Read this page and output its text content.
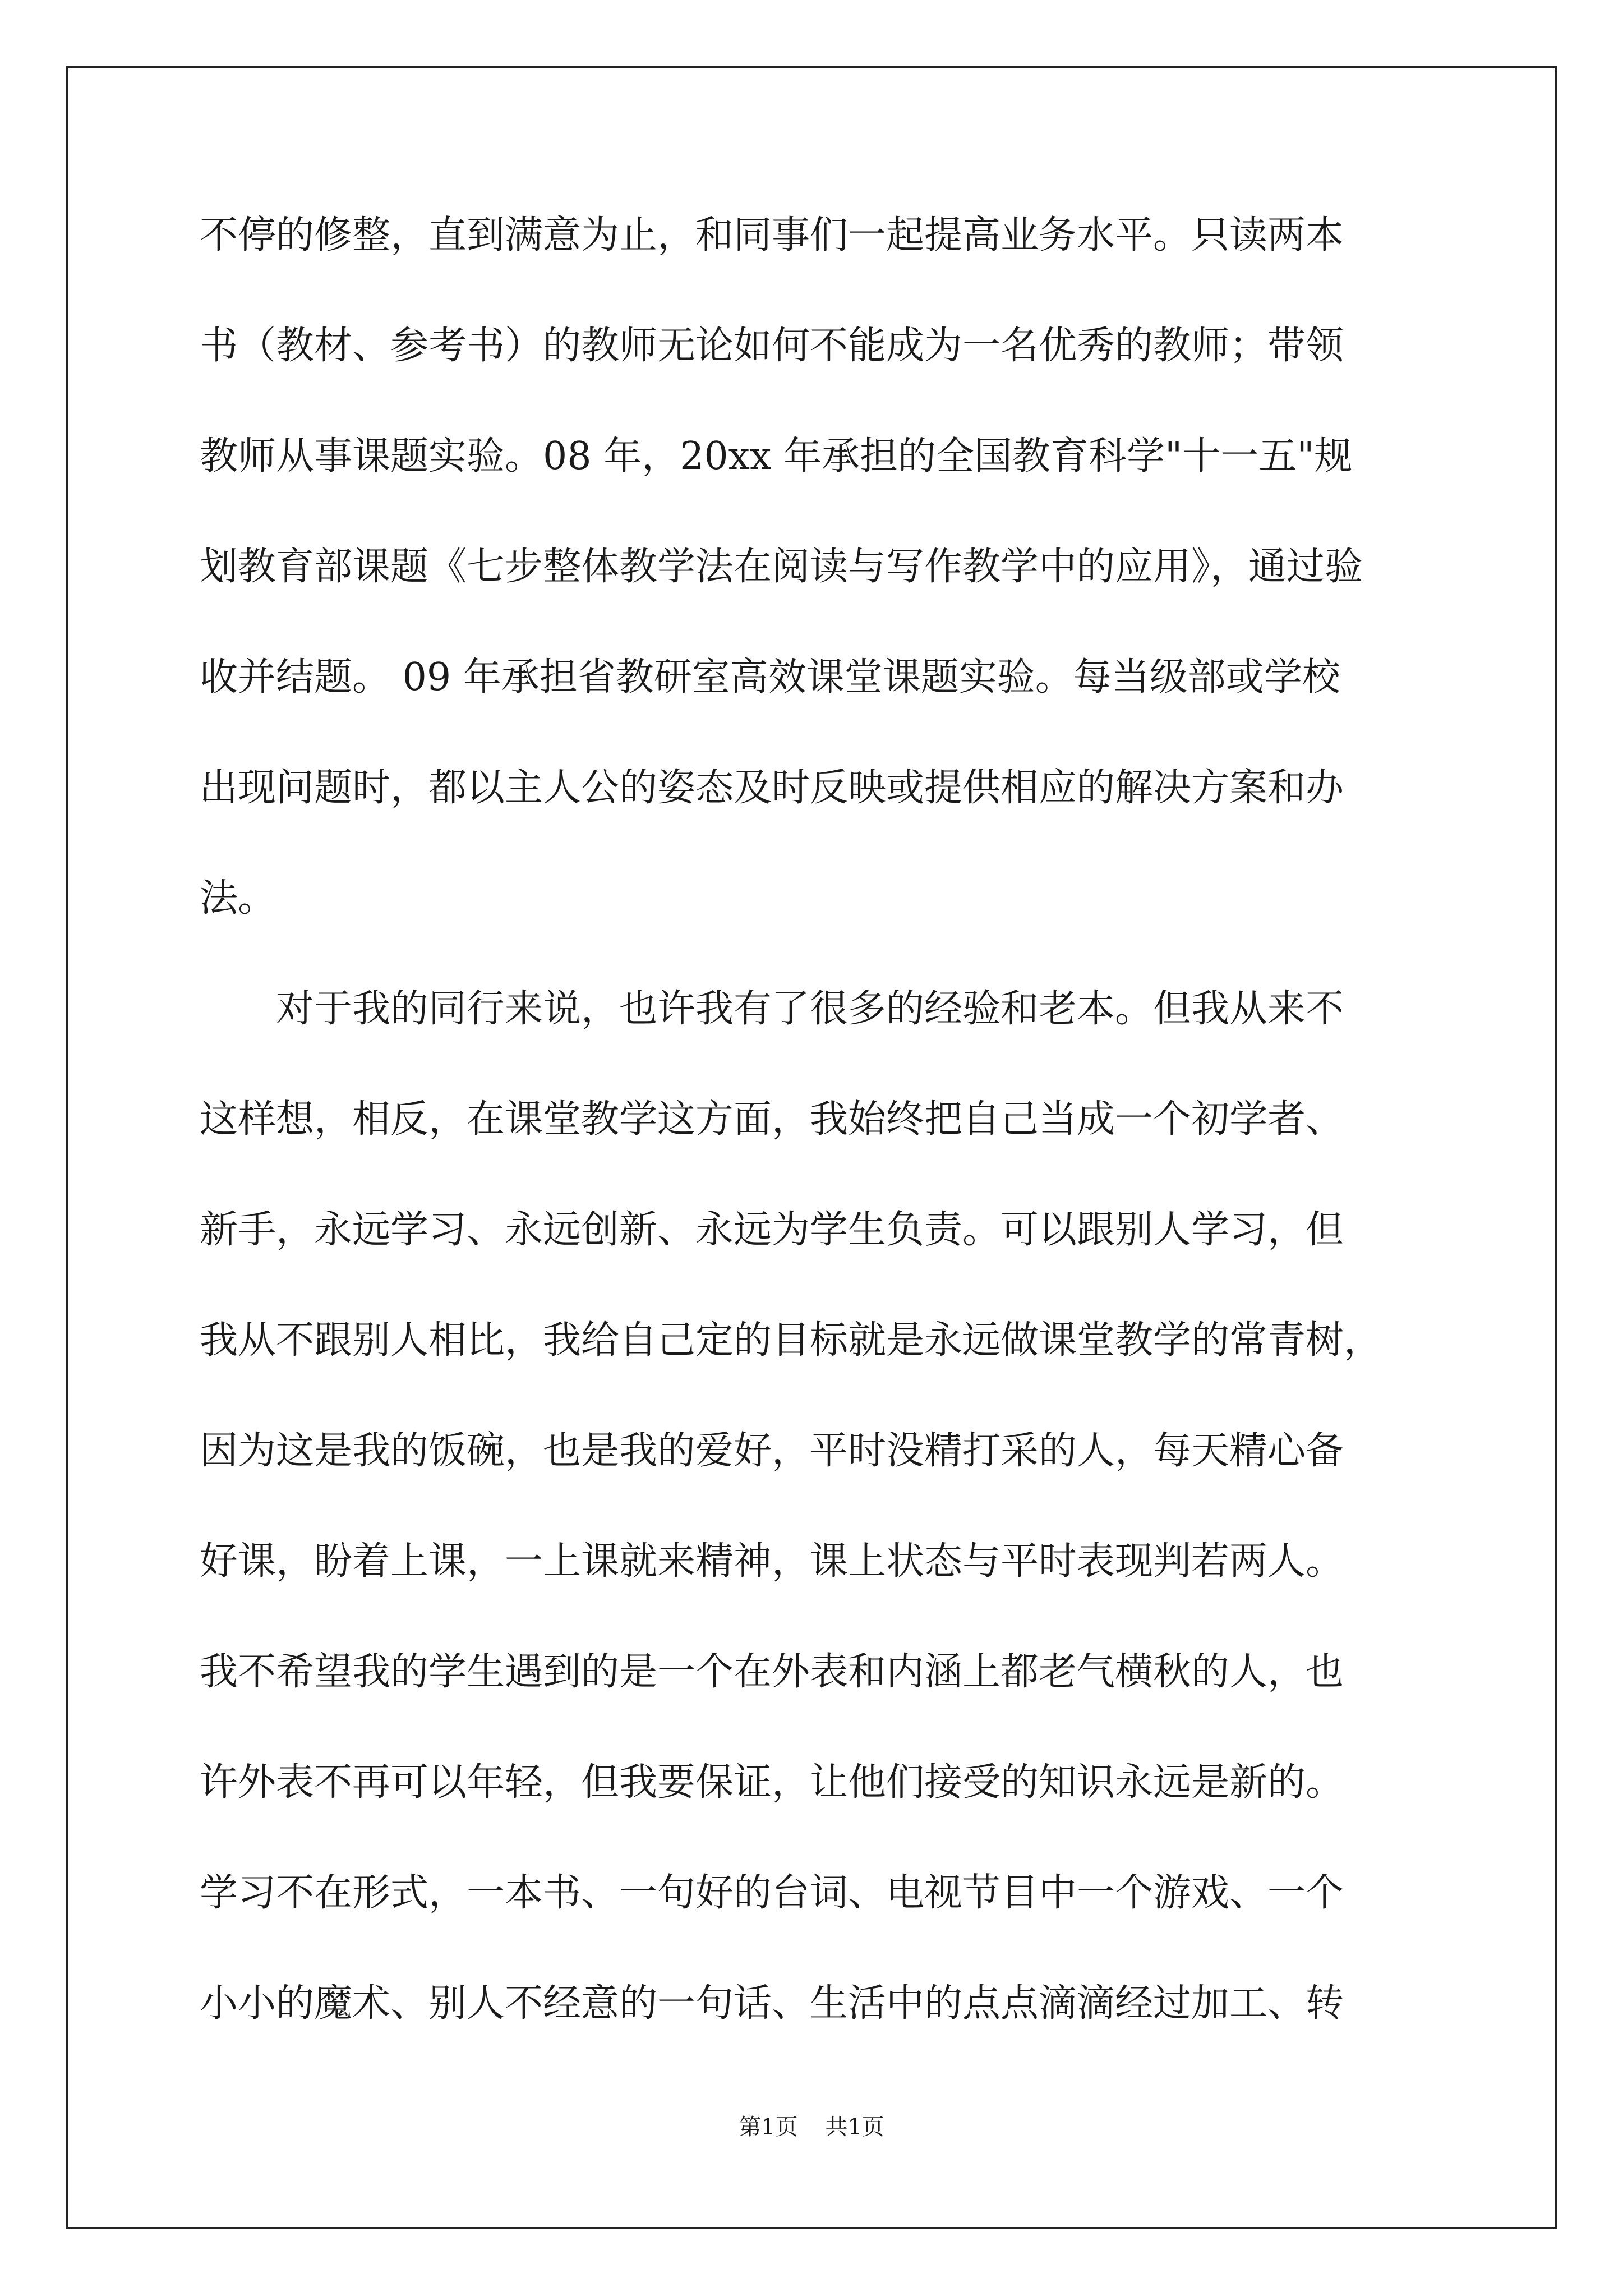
不停的修整，直到满意为止，和同事们一起提高业务水平。只读两本
书（教材、参考书）的教师无论如何不能成为一名优秀的教师；带领
教师从事课题实验。08 年，20xx 年承担的全国教育科学"十一五"规
划教育部课题《七步整体教学法在阅读与写作教学中的应用》，通过验
收并结题。 09 年承担省教研室高效课堂课题实验。每当级部或学校
出现问题时，都以主人公的姿态及时反映或提供相应的解决方案和办
法。
　　对于我的同行来说，也许我有了很多的经验和老本。但我从来不
这样想，相反，在课堂教学这方面，我始终把自己当成一个初学者、
新手，永远学习、永远创新、永远为学生负责。可以跟别人学习，但
我从不跟别人相比，我给自己定的目标就是永远做课堂教学的常青树，
因为这是我的饭碗，也是我的爱好，平时没精打采的人，每天精心备
好课，盼着上课，一上课就来精神，课上状态与平时表现判若两人。
我不希望我的学生遇到的是一个在外表和内涵上都老气横秋的人，也
许外表不再可以年轻，但我要保证，让他们接受的知识永远是新的。
学习不在形式，一本书、一句好的台词、电视节目中一个游戏、一个
小小的魔术、别人不经意的一句话、生活中的点点滴滴经过加工、转
第1页 共1页
